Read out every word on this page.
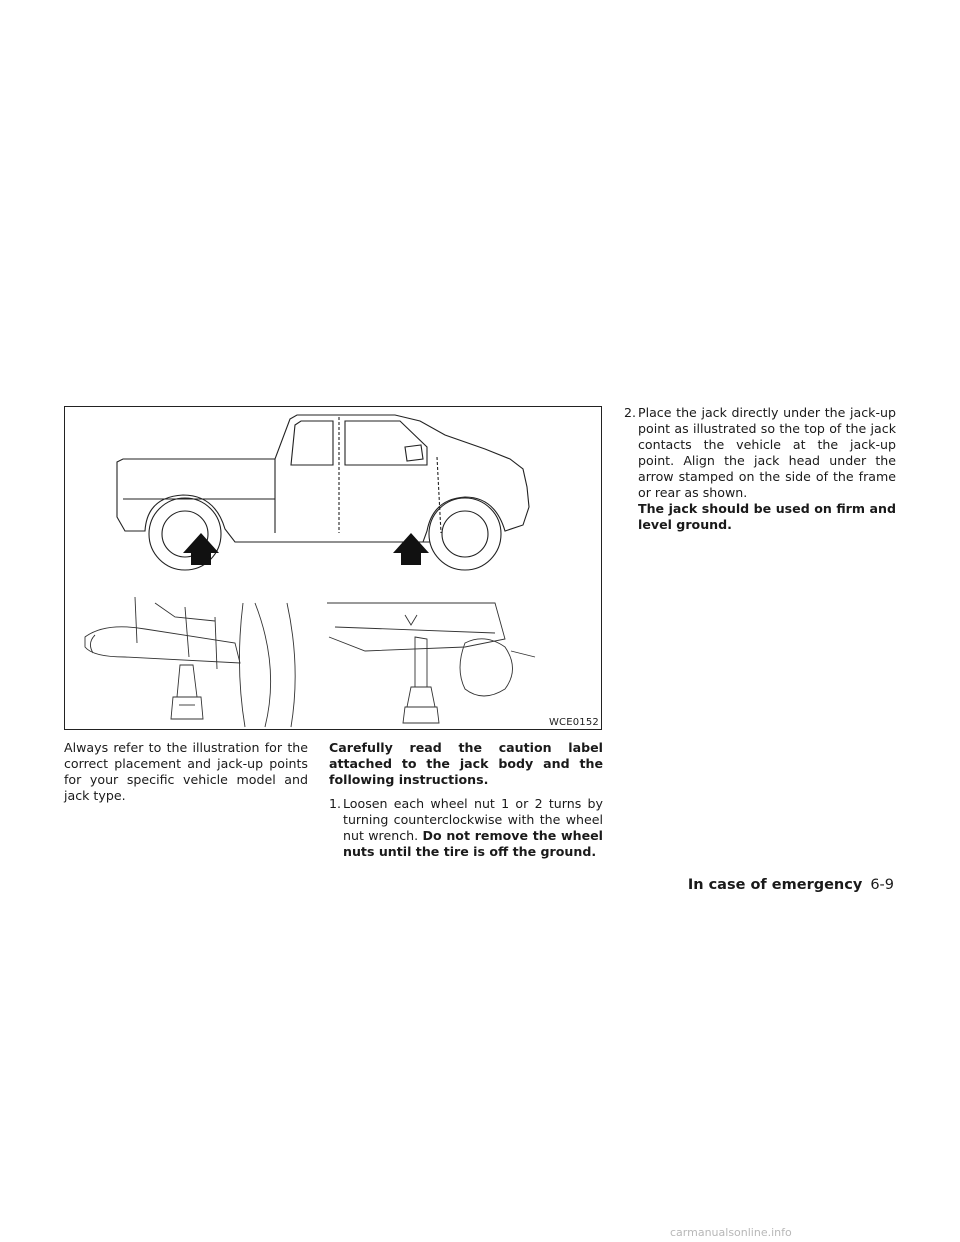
WCE0152

Always refer to the illustration for the correct placement and jack-up points for your specific vehicle model and jack type.

Carefully read the caution label attached to the jack body and the following instructions.

1. Loosen each wheel nut 1 or 2 turns by turning counterclockwise with the wheel nut wrench. Do not remove the wheel nuts until the tire is off the ground.
2. Place the jack directly under the jack-up point as illustrated so the top of the jack contacts the vehicle at the jack-up point. Align the jack head under the arrow stamped on the side of the frame or rear as shown.

The jack should be used on firm and level ground.

In case of emergency 6-9
carmanualsonline.info
